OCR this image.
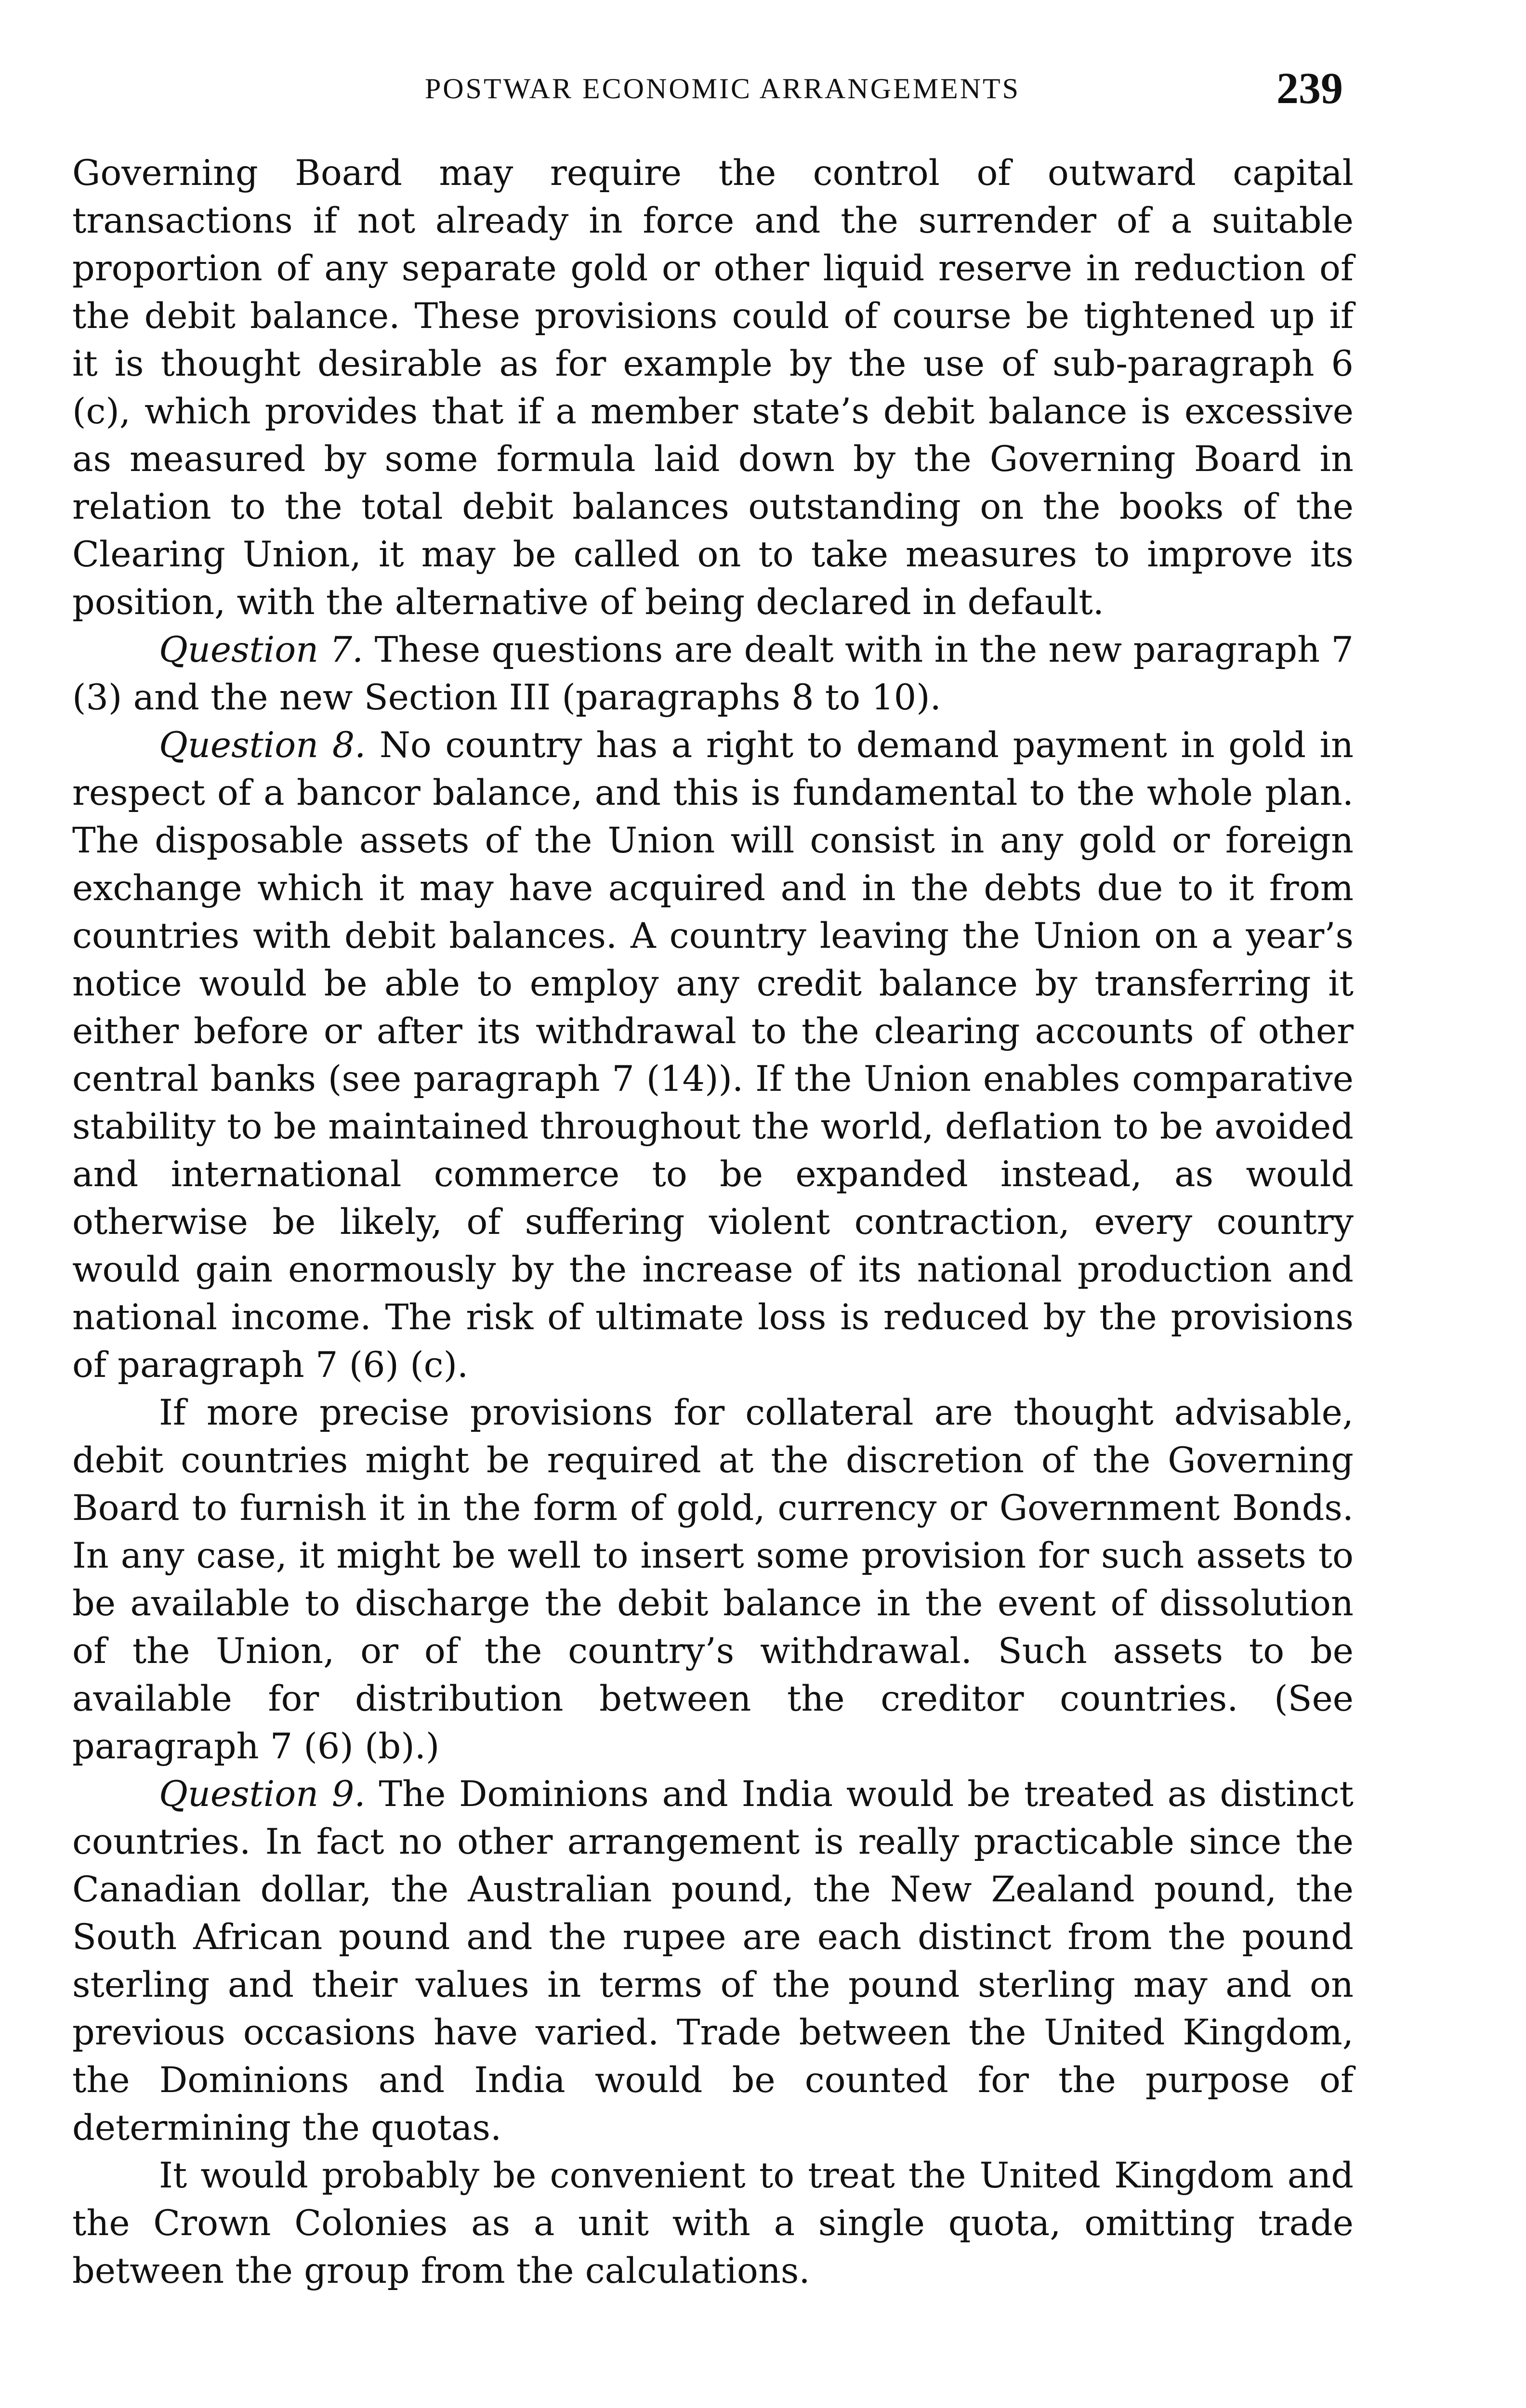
POSTWAR ECONOMIC ARRANGEMENTS	239

Governing Board may require the control of outward capital transactions if not already in force and the surrender of a suitable proportion of any separate gold or other liquid reserve in reduction of the debit balance. These provisions could of course be tightened up if it is thought desirable as for example by the use of sub-paragraph 6 (c), which provides that if a member state’s debit balance is excessive as measured by some formula laid down by the Governing Board in relation to the total debit balances outstanding on the books of the Clearing Union, it may be called on to take measures to improve its position, with the alternative of being declared in default.

Question 7. These questions are dealt with in the new paragraph 7 (3) and the new Section III (paragraphs 8 to 10).

Question 8. No country has a right to demand payment in gold in respect of a bancor balance, and this is fundamental to the whole plan. The disposable assets of the Union will consist in any gold or foreign exchange which it may have acquired and in the debts due to it from countries with debit balances. A country leaving the Union on a year’s notice would be able to employ any credit balance by transferring it either before or after its withdrawal to the clearing accounts of other central banks (see paragraph 7 (14)). If the Union enables comparative stability to be maintained throughout the world, deflation to be avoided and international commerce to be expanded instead, as would otherwise be likely, of suffering violent contraction, every country would gain enormously by the increase of its national production and national income. The risk of ultimate loss is reduced by the provisions of paragraph 7 (6) (c).

If more precise provisions for collateral are thought advisable, debit countries might be required at the discretion of the Governing Board to furnish it in the form of gold, currency or Government Bonds. In any case, it might be well to insert some provision for such assets to be available to discharge the debit balance in the event of dissolution of the Union, or of the country’s withdrawal. Such assets to be available for distribution between the creditor countries. (See paragraph 7 (6) (b).)

Question 9. The Dominions and India would be treated as distinct countries. In fact no other arrangement is really practicable since the Canadian dollar, the Australian pound, the New Zealand pound, the South African pound and the rupee are each distinct from the pound sterling and their values in terms of the pound sterling may and on previous occasions have varied. Trade between the United Kingdom, the Dominions and India would be counted for the purpose of determining the quotas.

It would probably be convenient to treat the United Kingdom and the Crown Colonies as a unit with a single quota, omitting trade between the group from the calculations.
